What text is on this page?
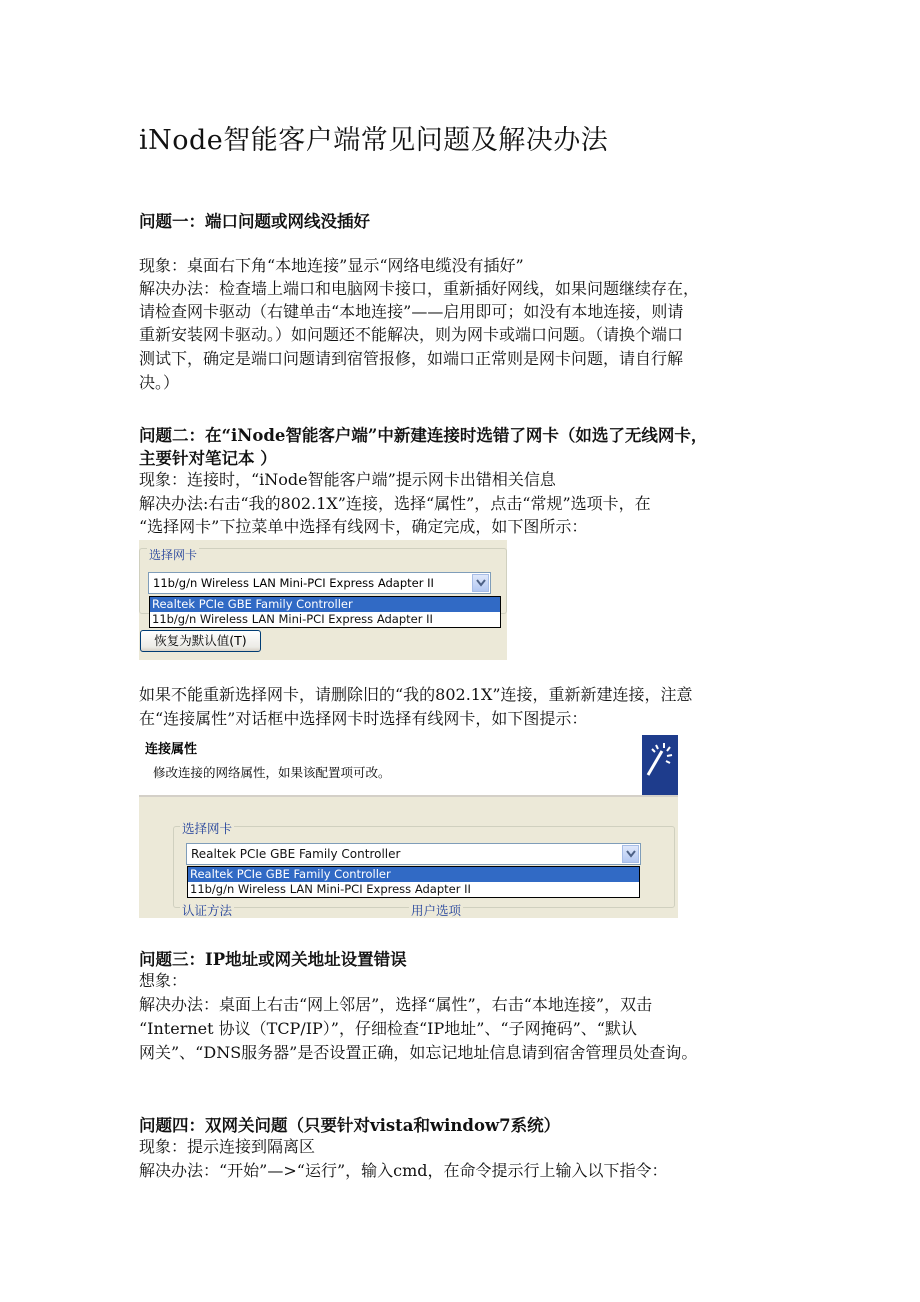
iNode智能客户端常见问题及解决办法
问题一：端口问题或网线没插好
现象：桌面右下角“本地连接”显示“网络电缆没有插好”
解决办法：检查墙上端口和电脑网卡接口，重新插好网线，如果问题继续存在，
请检查网卡驱动（右键单击“本地连接”——启用即可；如没有本地连接，则请
重新安装网卡驱动。）如问题还不能解决，则为网卡或端口问题。（请换个端口
测试下，确定是端口问题请到宿管报修，如端口正常则是网卡问题，请自行解
决。）
问题二：在“iNode智能客户端”中新建连接时选错了网卡（如选了无线网卡，
主要针对笔记本 ）
现象：连接时，“iNode智能客户端”提示网卡出错相关信息
解决办法:右击“我的802.1X”连接，选择“属性”，点击“常规”选项卡，在
“选择网卡”下拉菜单中选择有线网卡，确定完成，如下图所示：
选择网卡
11b/g/n Wireless LAN Mini-PCI Express Adapter II
Realtek PCIe GBE Family Controller
11b/g/n Wireless LAN Mini-PCI Express Adapter II
恢复为默认值(T)
如果不能重新选择网卡，请删除旧的“我的802.1X”连接，重新新建连接，注意
在“连接属性”对话框中选择网卡时选择有线网卡，如下图提示：
连接属性
修改连接的网络属性，如果该配置项可改。
选择网卡
Realtek PCIe GBE Family Controller
Realtek PCIe GBE Family Controller
11b/g/n Wireless LAN Mini-PCI Express Adapter II
认证方法	用户选项
问题三：IP地址或网关地址设置错误
想象：
解决办法：桌面上右击“网上邻居”，选择“属性”，右击“本地连接”，双击
“Internet 协议（TCP/IP）”，仔细检查“IP地址”、“子网掩码”、“默认
网关”、“DNS服务器”是否设置正确，如忘记地址信息请到宿舍管理员处查询。
问题四：双网关问题（只要针对vista和window7系统）
现象：提示连接到隔离区
解决办法：“开始”—>“运行”，输入cmd，在命令提示行上输入以下指令：
